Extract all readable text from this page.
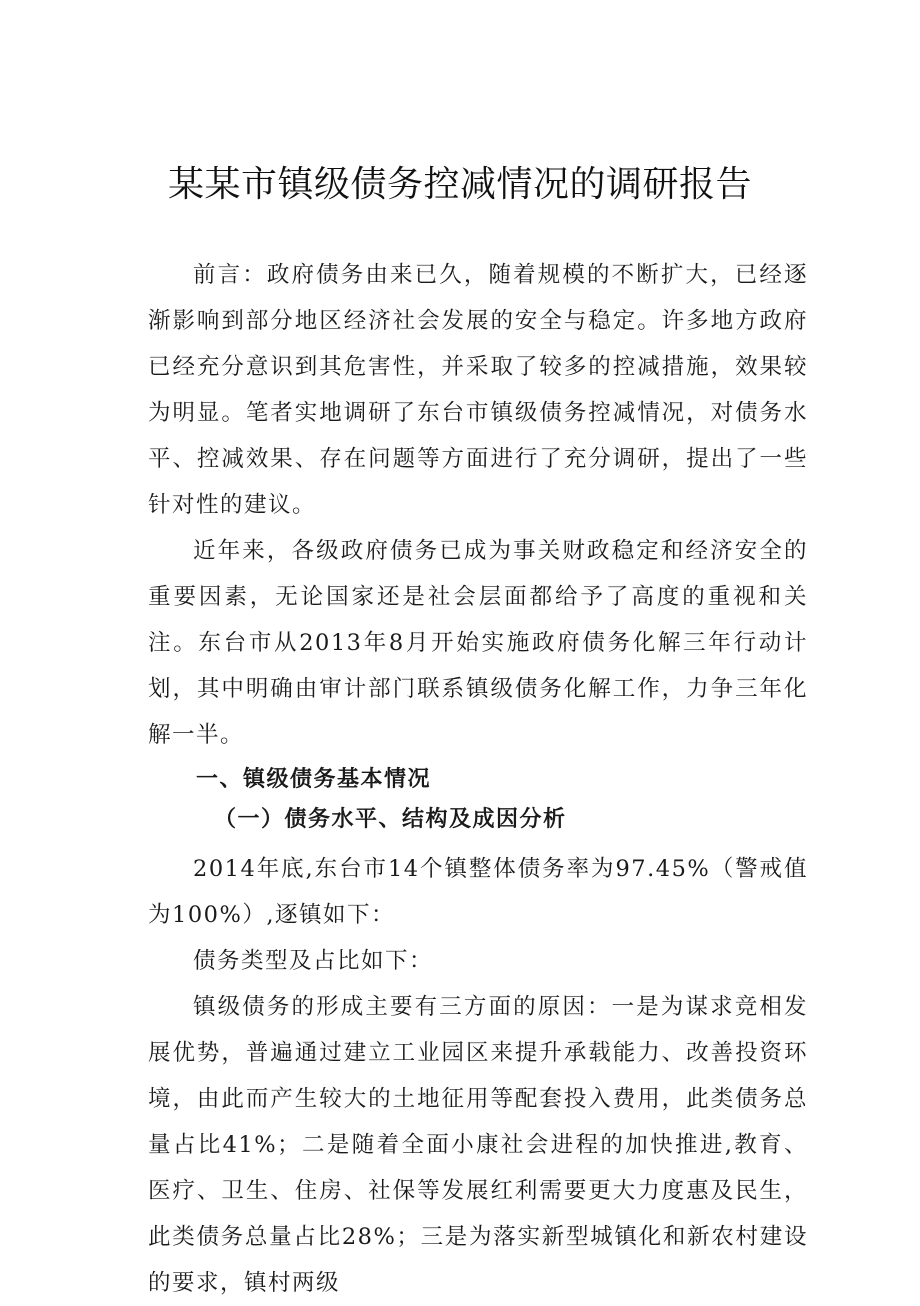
某某市镇级债务控减情况的调研报告

前言：政府债务由来已久，随着规模的不断扩大，已经逐渐影响到部分地区经济社会发展的安全与稳定。许多地方政府已经充分意识到其危害性，并采取了较多的控减措施，效果较为明显。笔者实地调研了东台市镇级债务控减情况，对债务水平、控减效果、存在问题等方面进行了充分调研，提出了一些针对性的建议。

近年来，各级政府债务已成为事关财政稳定和经济安全的重要因素，无论国家还是社会层面都给予了高度的重视和关注。东台市从2013年8月开始实施政府债务化解三年行动计划，其中明确由审计部门联系镇级债务化解工作，力争三年化解一半。

一、镇级债务基本情况

（一）债务水平、结构及成因分析

2014年底,东台市14个镇整体债务率为97.45%（警戒值为100%）,逐镇如下：

债务类型及占比如下：

镇级债务的形成主要有三方面的原因：一是为谋求竞相发展优势，普遍通过建立工业园区来提升承载能力、改善投资环境，由此而产生较大的土地征用等配套投入费用，此类债务总量占比41%；二是随着全面小康社会进程的加快推进,教育、医疗、卫生、住房、社保等发展红利需要更大力度惠及民生，此类债务总量占比28%；三是为落实新型城镇化和新农村建设的要求，镇村两级
